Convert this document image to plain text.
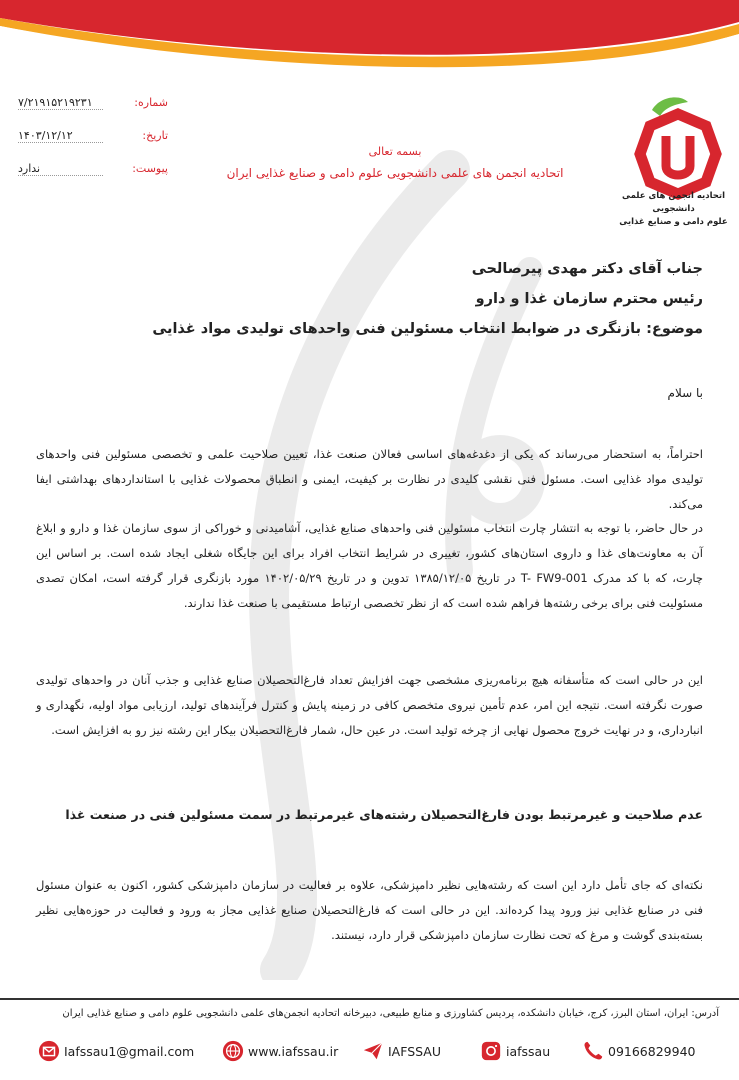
شماره:
۷/۲۱۹۱۵۲۱۹۲۳۱
تاریخ:
۱۴۰۳/۱۲/۱۲
پیوست:
ندارد
بسمه تعالی
اتحادیه انجمن های علمی دانشجویی علوم دامی و صنایع غذایی ایران
اتحادیه انجمن های علمی دانشجویی
علوم دامی و صنایع غذایی
جناب آقای دکتر مهدی پیرصالحی
رئیس محترم سازمان غذا و دارو
موضوع: بازنگری در ضوابط انتخاب مسئولین فنی واحدهای تولیدی مواد غذایی
با سلام
احتراماً، به استحضار می‌رساند که یکی از دغدغه‌های اساسی فعالان صنعت غذا، تعیین صلاحیت علمی و تخصصی مسئولین فنی واحدهای تولیدی مواد غذایی است. مسئول فنی نقشی کلیدی در نظارت بر کیفیت، ایمنی و انطباق محصولات غذایی با استانداردهای بهداشتی ایفا می‌کند.
در حال حاضر، با توجه به انتشار چارت انتخاب مسئولین فنی واحدهای صنایع غذایی، آشامیدنی و خوراکی از سوی سازمان غذا و دارو و ابلاغ آن به معاونت‌های غذا و داروی استان‌های کشور، تغییری در شرایط انتخاب افراد برای این جایگاه شغلی ایجاد شده است. بر اساس این چارت، که با کد مدرک T- FW9-001 در تاریخ ۱۳۸۵/۱۲/۰۵ تدوین و در تاریخ ۱۴۰۲/۰۵/۲۹ مورد بازنگری قرار گرفته است، امکان تصدی مسئولیت فنی برای برخی رشته‌ها فراهم شده است که از نظر تخصصی ارتباط مستقیمی با صنعت غذا ندارند.
این در حالی است که متأسفانه هیچ برنامه‌ریزی مشخصی جهت افزایش تعداد فارغ‌التحصیلان صنایع غذایی و جذب آنان در واحدهای تولیدی صورت نگرفته است. نتیجه این امر، عدم تأمین نیروی متخصص کافی در زمینه پایش و کنترل فرآیندهای تولید، ارزیابی مواد اولیه، نگهداری و انبارداری، و در نهایت خروج محصول نهایی از چرخه تولید است. در عین حال، شمار فارغ‌التحصیلان بیکار این رشته نیز رو به افزایش است.
عدم صلاحیت و غیرمرتبط بودن فارغ‌التحصیلان رشته‌های غیرمرتبط در سمت مسئولین فنی در صنعت غذا
نکته‌ای که جای تأمل دارد این است که رشته‌هایی نظیر دامپزشکی، علاوه بر فعالیت در سازمان دامپزشکی کشور، اکنون به عنوان مسئول فنی در صنایع غذایی نیز ورود پیدا کرده‌اند. این در حالی است که فارغ‌التحصیلان صنایع غذایی مجاز به ورود و فعالیت در حوزه‌هایی نظیر بسته‌بندی گوشت و مرغ که تحت نظارت سازمان دامپزشکی قرار دارد، نیستند.
آدرس: ایران، استان البرز، کرج، خیابان دانشکده، پردیس کشاورزی و منابع طبیعی، دبیرخانه اتحادیه انجمن‌های علمی دانشجویی علوم دامی و صنایع غذایی ایران
Iafssau1@gmail.com	www.iafssau.ir	IAFSSAU	iafssau	09166829940
